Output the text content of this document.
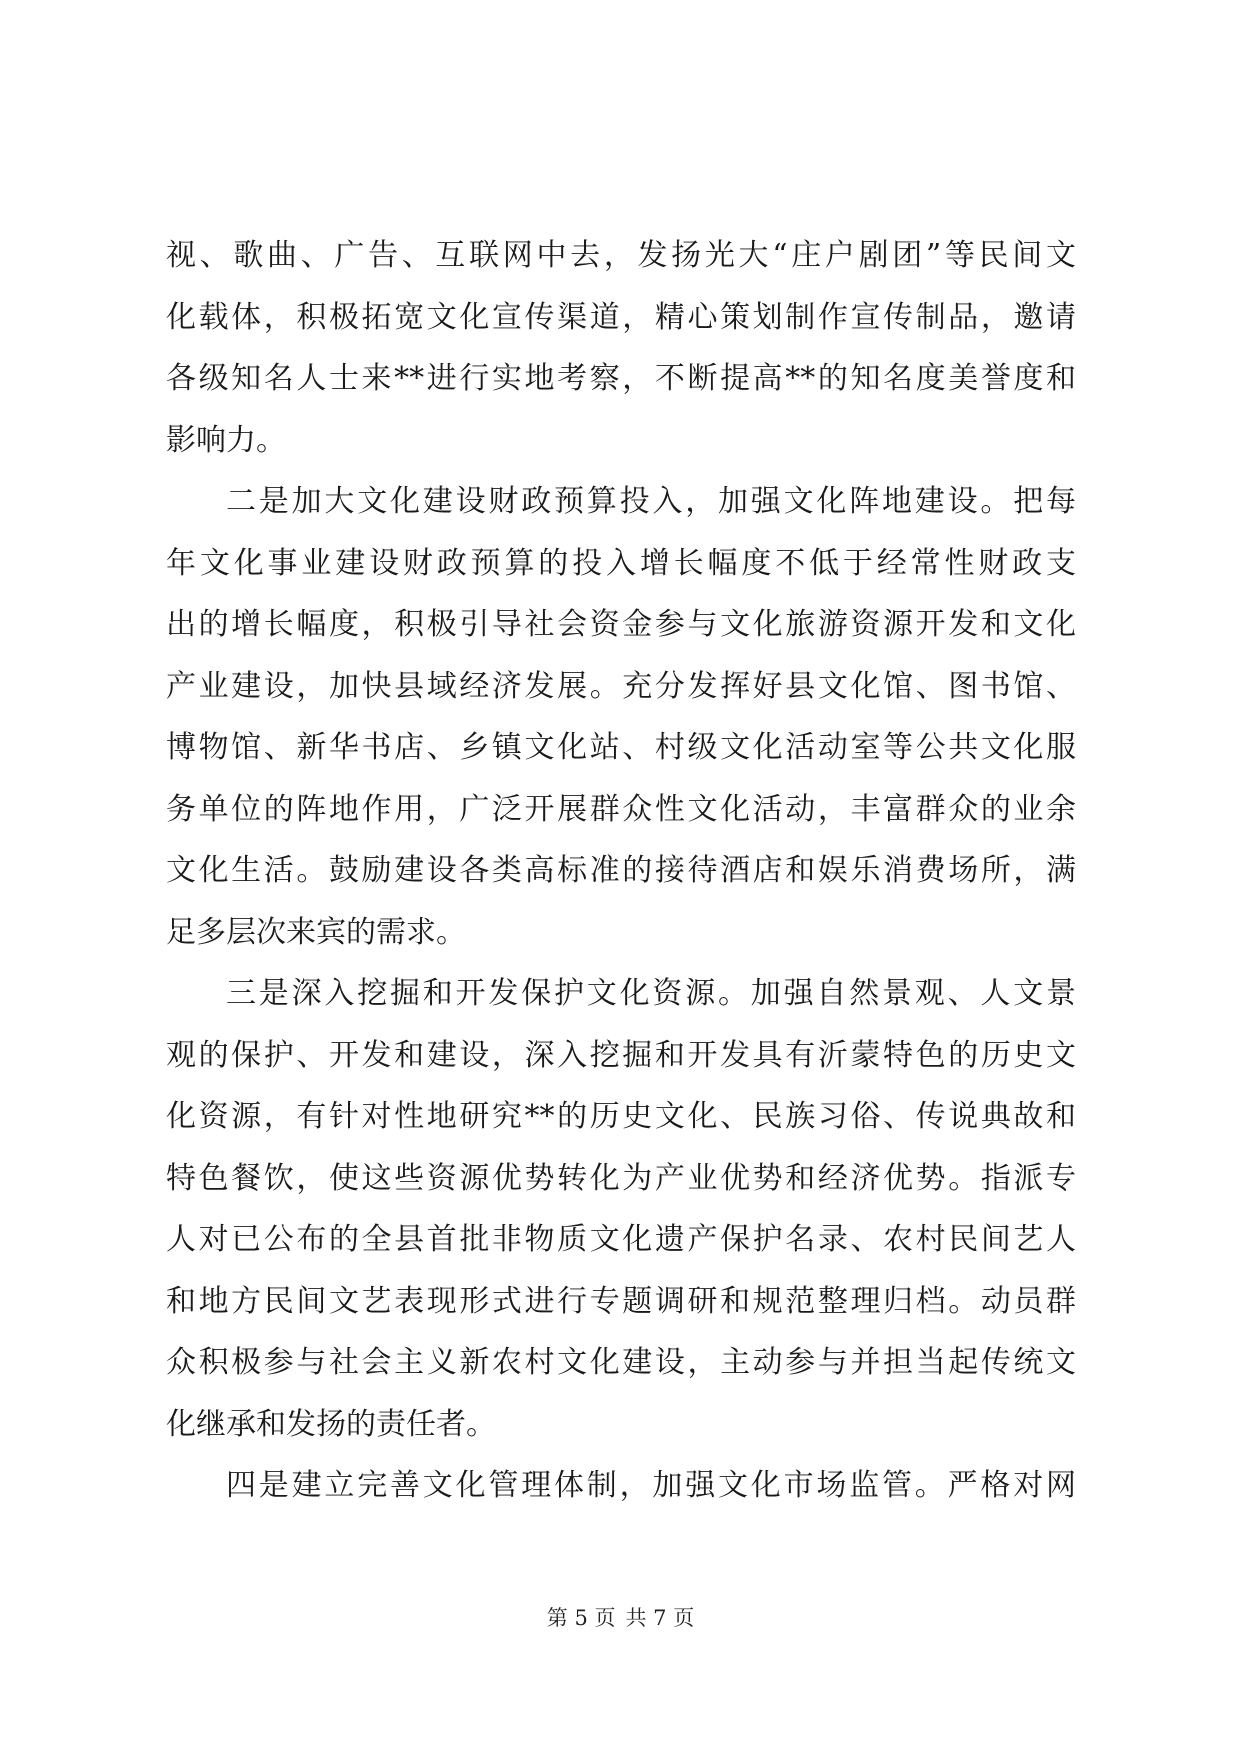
视、歌曲、广告、互联网中去，发扬光大“庄户剧团”等民间文
化载体，积极拓宽文化宣传渠道，精心策划制作宣传制品，邀请
各级知名人士来**进行实地考察，不断提高**的知名度美誉度和
影响力。
二是加大文化建设财政预算投入，加强文化阵地建设。把每
年文化事业建设财政预算的投入增长幅度不低于经常性财政支
出的增长幅度，积极引导社会资金参与文化旅游资源开发和文化
产业建设，加快县域经济发展。充分发挥好县文化馆、图书馆、
博物馆、新华书店、乡镇文化站、村级文化活动室等公共文化服
务单位的阵地作用，广泛开展群众性文化活动，丰富群众的业余
文化生活。鼓励建设各类高标准的接待酒店和娱乐消费场所，满
足多层次来宾的需求。
三是深入挖掘和开发保护文化资源。加强自然景观、人文景
观的保护、开发和建设，深入挖掘和开发具有沂蒙特色的历史文
化资源，有针对性地研究**的历史文化、民族习俗、传说典故和
特色餐饮，使这些资源优势转化为产业优势和经济优势。指派专
人对已公布的全县首批非物质文化遗产保护名录、农村民间艺人
和地方民间文艺表现形式进行专题调研和规范整理归档。动员群
众积极参与社会主义新农村文化建设，主动参与并担当起传统文
化继承和发扬的责任者。
四是建立完善文化管理体制，加强文化市场监管。严格对网
第 5 页 共 7 页
